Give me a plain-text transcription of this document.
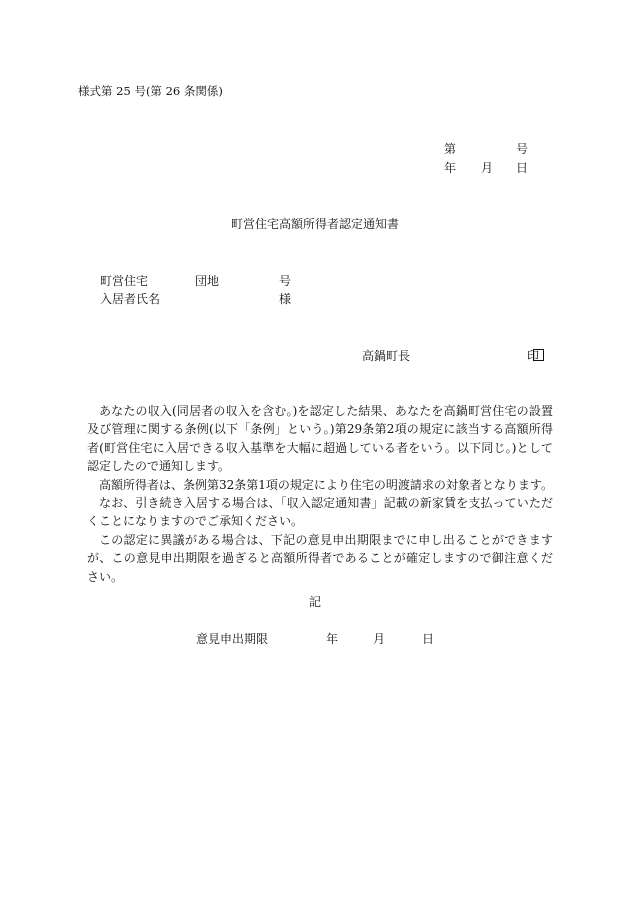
様式第 25 号(第 26 条関係)
第	号
年 月 日
町営住宅高額所得者認定通知書
町営住宅	団地	号
入居者氏名	様
高鍋町長	印

あなたの収入(同居者の収入を含む。)を認定した結果、あなたを高鍋町営住宅の設置及び管理に関する条例(以下「条例」という。)第29条第2項の規定に該当する高額所得者(町営住宅に入居できる収入基準を大幅に超過している者をいう。以下同じ。)として認定したので通知します。

高額所得者は、条例第32条第1項の規定により住宅の明渡請求の対象者となります。

なお、引き続き入居する場合は、「収入認定通知書」記載の新家賃を支払っていただくことになりますのでご承知ください。

この認定に異議がある場合は、下記の意見申出期限までに申し出ることができますが、この意見申出期限を過ぎると高額所得者であることが確定しますので御注意ください。

記
意見申出期限	年	月	日
